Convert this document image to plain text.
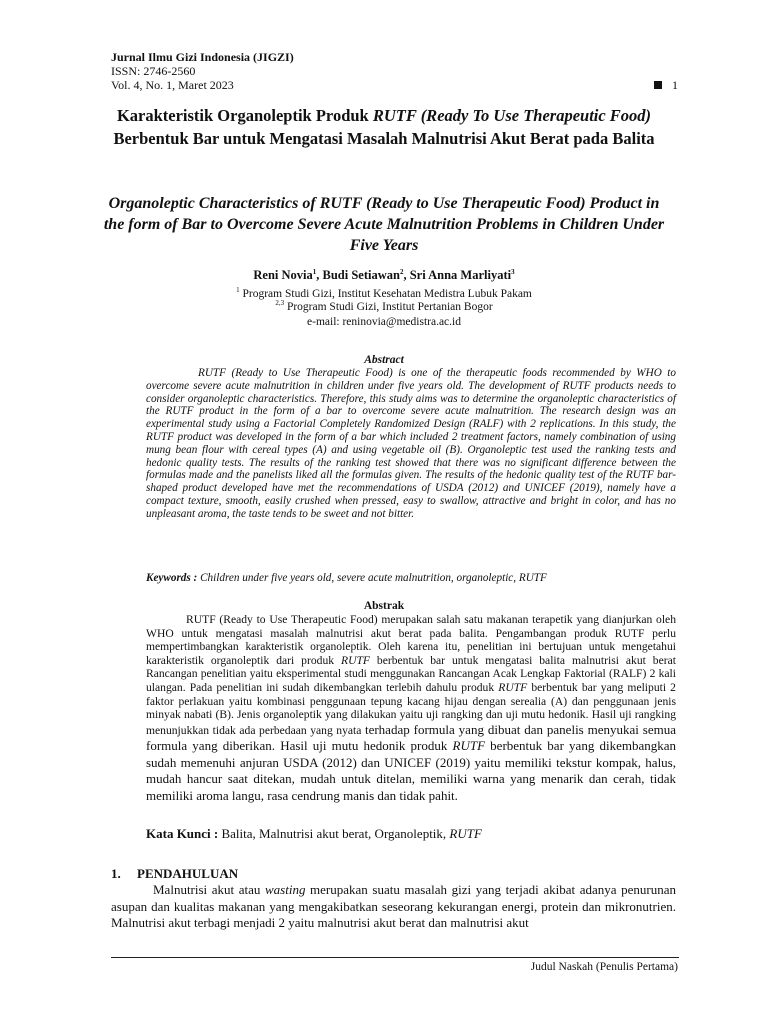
Jurnal Ilmu Gizi Indonesia (JIGZI)
ISSN: 2746-2560
Vol. 4, No. 1, Maret 2023	1
Karakteristik Organoleptik Produk RUTF (Ready To Use Therapeutic Food) Berbentuk Bar untuk Mengatasi Masalah Malnutrisi Akut Berat pada Balita
Organoleptic Characteristics of RUTF (Ready to Use Therapeutic Food) Product in the form of Bar to Overcome Severe Acute Malnutrition Problems in Children Under Five Years
Reni Novia$^1$, Budi Setiawan$^2$, Sri Anna Marliyati$^3$
$^1$ Program Studi Gizi, Institut Kesehatan Medistra Lubuk Pakam
$^{2,3}$ Program Studi Gizi, Institut Pertanian Bogor
e-mail: reninovia@medistra.ac.id
Abstract

RUTF (Ready to Use Therapeutic Food) is one of the therapeutic foods recommended by WHO to overcome severe acute malnutrition in children under five years old. The development of RUTF products needs to consider organoleptic characteristics. Therefore, this study aims was to determine the organoleptic characteristics of the RUTF product in the form of a bar to overcome severe acute malnutrition. The research design was an experimental study using a Factorial Completely Randomized Design (RALF) with 2 replications. In this study, the RUTF product was developed in the form of a bar which included 2 treatment factors, namely combination of using mung bean flour with cereal types (A) and using vegetable oil (B). Organoleptic test used the ranking tests and hedonic quality tests. The results of the ranking test showed that there was no significant difference between the formulas made and the panelists liked all the formulas given. The results of the hedonic quality test of the RUTF bar-shaped product developed have met the recommendations of USDA (2012) and UNICEF (2019), namely have a compact texture, smooth, easily crushed when pressed, easy to swallow, attractive and bright in color, and has no unpleasant aroma, the taste tends to be sweet and not bitter.

Keywords : Children under five years old, severe acute malnutrition, organoleptic, RUTF
Abstrak

RUTF (Ready to Use Therapeutic Food) merupakan salah satu makanan terapetik yang dianjurkan oleh WHO untuk mengatasi masalah malnutrisi akut berat pada balita. Pengambangan produk RUTF perlu mempertimbangkan karakteristik organoleptik. Oleh karena itu, penelitian ini bertujuan untuk mengetahui karakteristik organoleptik dari produk RUTF berbentuk bar untuk mengatasi balita malnutrisi akut berat Rancangan penelitian yaitu eksperimental studi menggunakan Rancangan Acak Lengkap Faktorial (RALF) 2 kali ulangan. Pada penelitian ini sudah dikembangkan terlebih dahulu produk RUTF berbentuk bar yang meliputi 2 faktor perlakuan yaitu kombinasi penggunaan tepung kacang hijau dengan serealia (A) dan penggunaan jenis minyak nabati (B). Jenis organoleptik yang dilakukan yaitu uji rangking dan uji mutu hedonik. Hasil uji rangking menunjukkan tidak ada perbedaan yang nyata terhadap formula yang dibuat dan panelis menyukai semua formula yang diberikan. Hasil uji mutu hedonik produk RUTF berbentuk bar yang dikembangkan sudah memenuhi anjuran USDA (2012) dan UNICEF (2019) yaitu memiliki tekstur kompak, halus, mudah hancur saat ditekan, mudah untuk ditelan, memiliki warna yang menarik dan cerah, tidak memiliki aroma langu, rasa cendrung manis dan tidak pahit.

Kata Kunci : Balita, Malnutrisi akut berat, Organoleptik, RUTF
1. PENDAHULUAN

Malnutrisi akut atau wasting merupakan suatu masalah gizi yang terjadi akibat adanya penurunan asupan dan kualitas makanan yang mengakibatkan seseorang kekurangan energi, protein dan mikronutrien. Malnutrisi akut terbagi menjadi 2 yaitu malnutrisi akut berat dan malnutrisi akut

Judul Naskah (Penulis Pertama)
